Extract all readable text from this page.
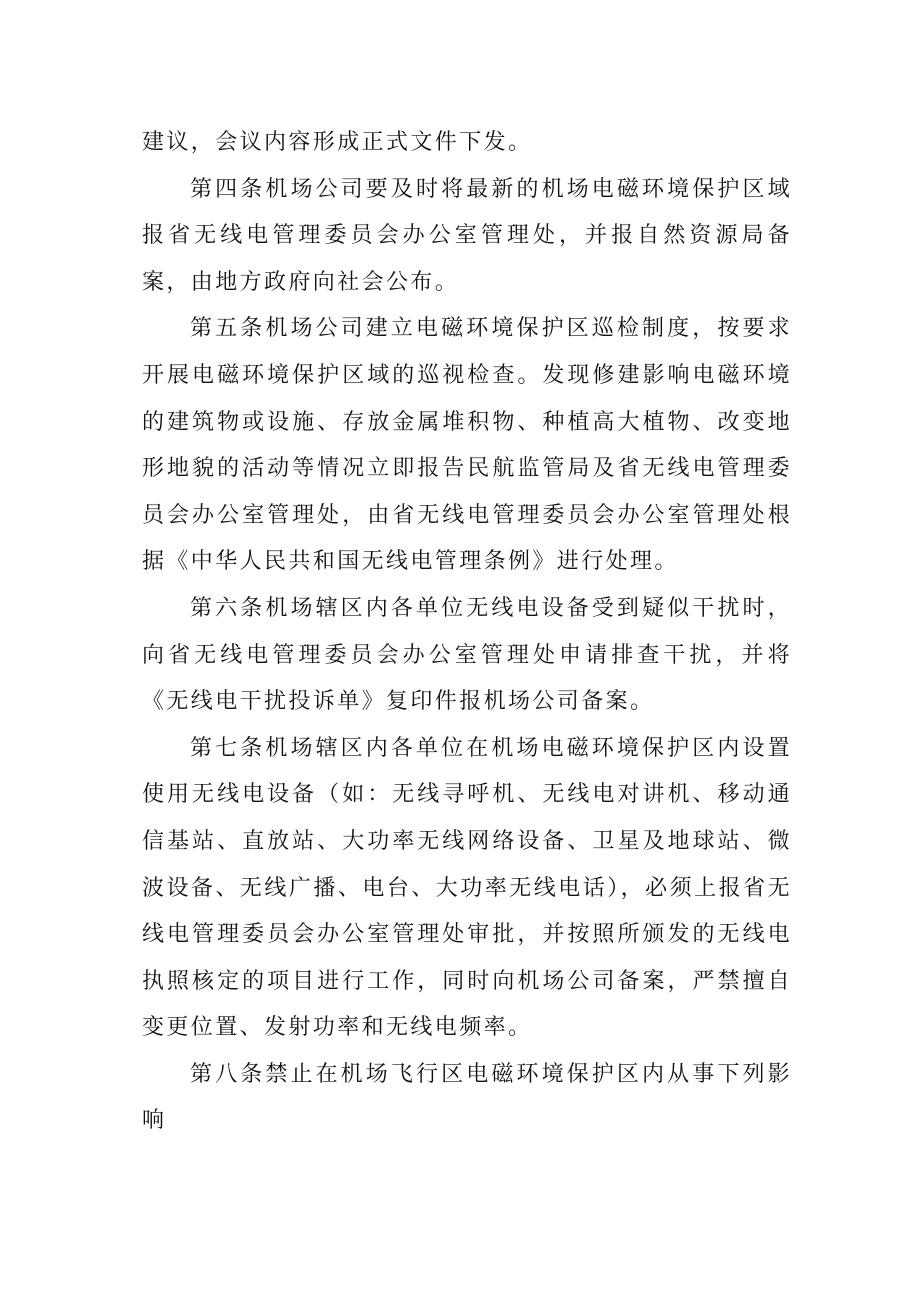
建议，会议内容形成正式文件下发。

第四条机场公司要及时将最新的机场电磁环境保护区域报省无线电管理委员会办公室管理处，并报自然资源局备案，由地方政府向社会公布。

第五条机场公司建立电磁环境保护区巡检制度，按要求开展电磁环境保护区域的巡视检查。发现修建影响电磁环境的建筑物或设施、存放金属堆积物、种植高大植物、改变地形地貌的活动等情况立即报告民航监管局及省无线电管理委员会办公室管理处，由省无线电管理委员会办公室管理处根据《中华人民共和国无线电管理条例》进行处理。

第六条机场辖区内各单位无线电设备受到疑似干扰时，向省无线电管理委员会办公室管理处申请排查干扰，并将《无线电干扰投诉单》复印件报机场公司备案。

第七条机场辖区内各单位在机场电磁环境保护区内设置使用无线电设备（如：无线寻呼机、无线电对讲机、移动通信基站、直放站、大功率无线网络设备、卫星及地球站、微波设备、无线广播、电台、大功率无线电话），必须上报省无线电管理委员会办公室管理处审批，并按照所颁发的无线电执照核定的项目进行工作，同时向机场公司备案，严禁擅自变更位置、发射功率和无线电频率。

第八条禁止在机场飞行区电磁环境保护区内从事下列影响
